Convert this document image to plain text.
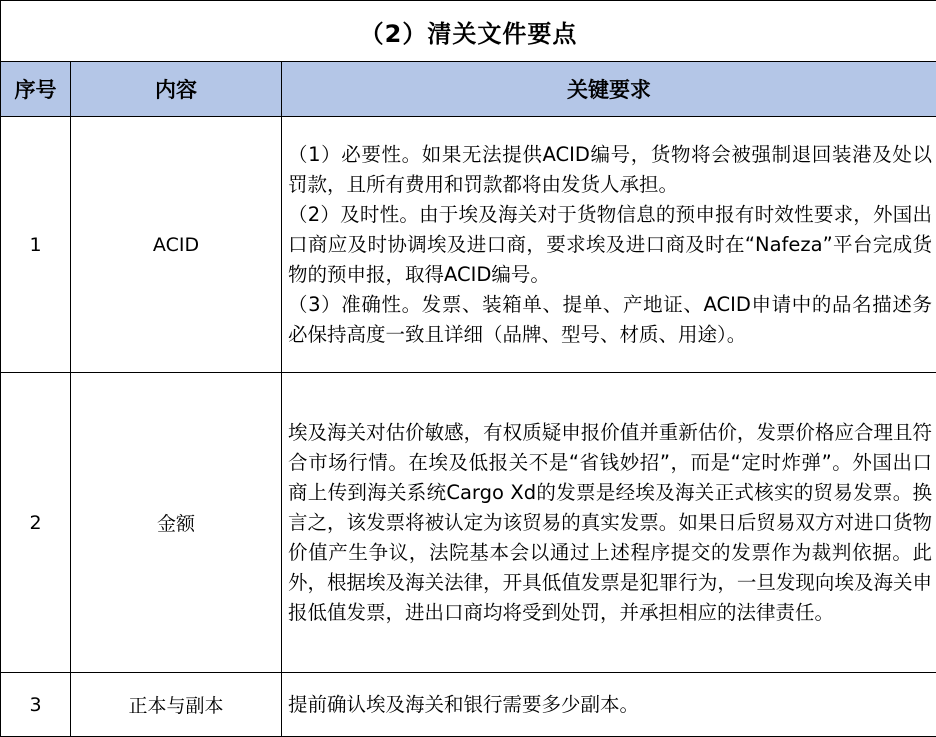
（2）清关文件要点		
序号	内容	关键要求
1	ACID	（1）必要性。如果无法提供ACID编号，货物将会被强制退回装港及处以罚款，且所有费用和罚款都将由发货人承担。

（2）及时性。由于埃及海关对于货物信息的预申报有时效性要求，外国出口商应及时协调埃及进口商，要求埃及进口商及时在“Nafeza”平台完成货物的预申报，取得ACID编号。

（3）准确性。发票、装箱单、提单、产地证、ACID申请中的品名描述务必保持高度一致且详细（品牌、型号、材质、用途）。

2	金额	埃及海关对估价敏感，有权质疑申报价值并重新估价，发票价格应合理且符合市场行情。在埃及低报关不是“省钱妙招”，而是“定时炸弹”。外国出口商上传到海关系统Cargo Xd的发票是经埃及海关正式核实的贸易发票。换言之，该发票将被认定为该贸易的真实发票。如果日后贸易双方对进口货物价值产生争议，法院基本会以通过上述程序提交的发票作为裁判依据。此外，根据埃及海关法律，开具低值发票是犯罪行为，一旦发现向埃及海关申报低值发票，进出口商均将受到处罚，并承担相应的法律责任。

3	正本与副本	提前确认埃及海关和银行需要多少副本。
